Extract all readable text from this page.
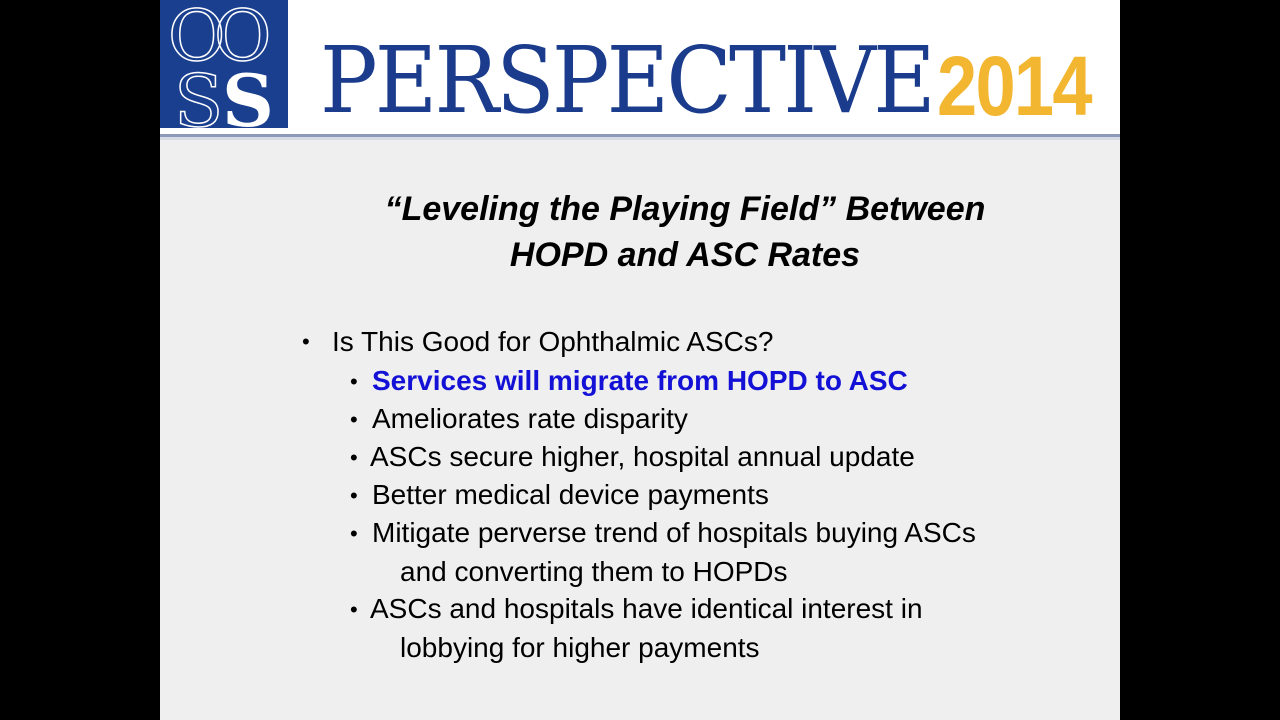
O
O
S
S PERSPECTIVE 2014
“Leveling the Playing Field” Between
HOPD and ASC Rates
• Is This Good for Ophthalmic ASCs?
• Services will migrate from HOPD to ASC
• Ameliorates rate disparity
• ASCs secure higher, hospital annual update
• Better medical device payments
• Mitigate perverse trend of hospitals buying ASCs
and converting them to HOPDs
• ASCs and hospitals have identical interest in
lobbying for higher payments
